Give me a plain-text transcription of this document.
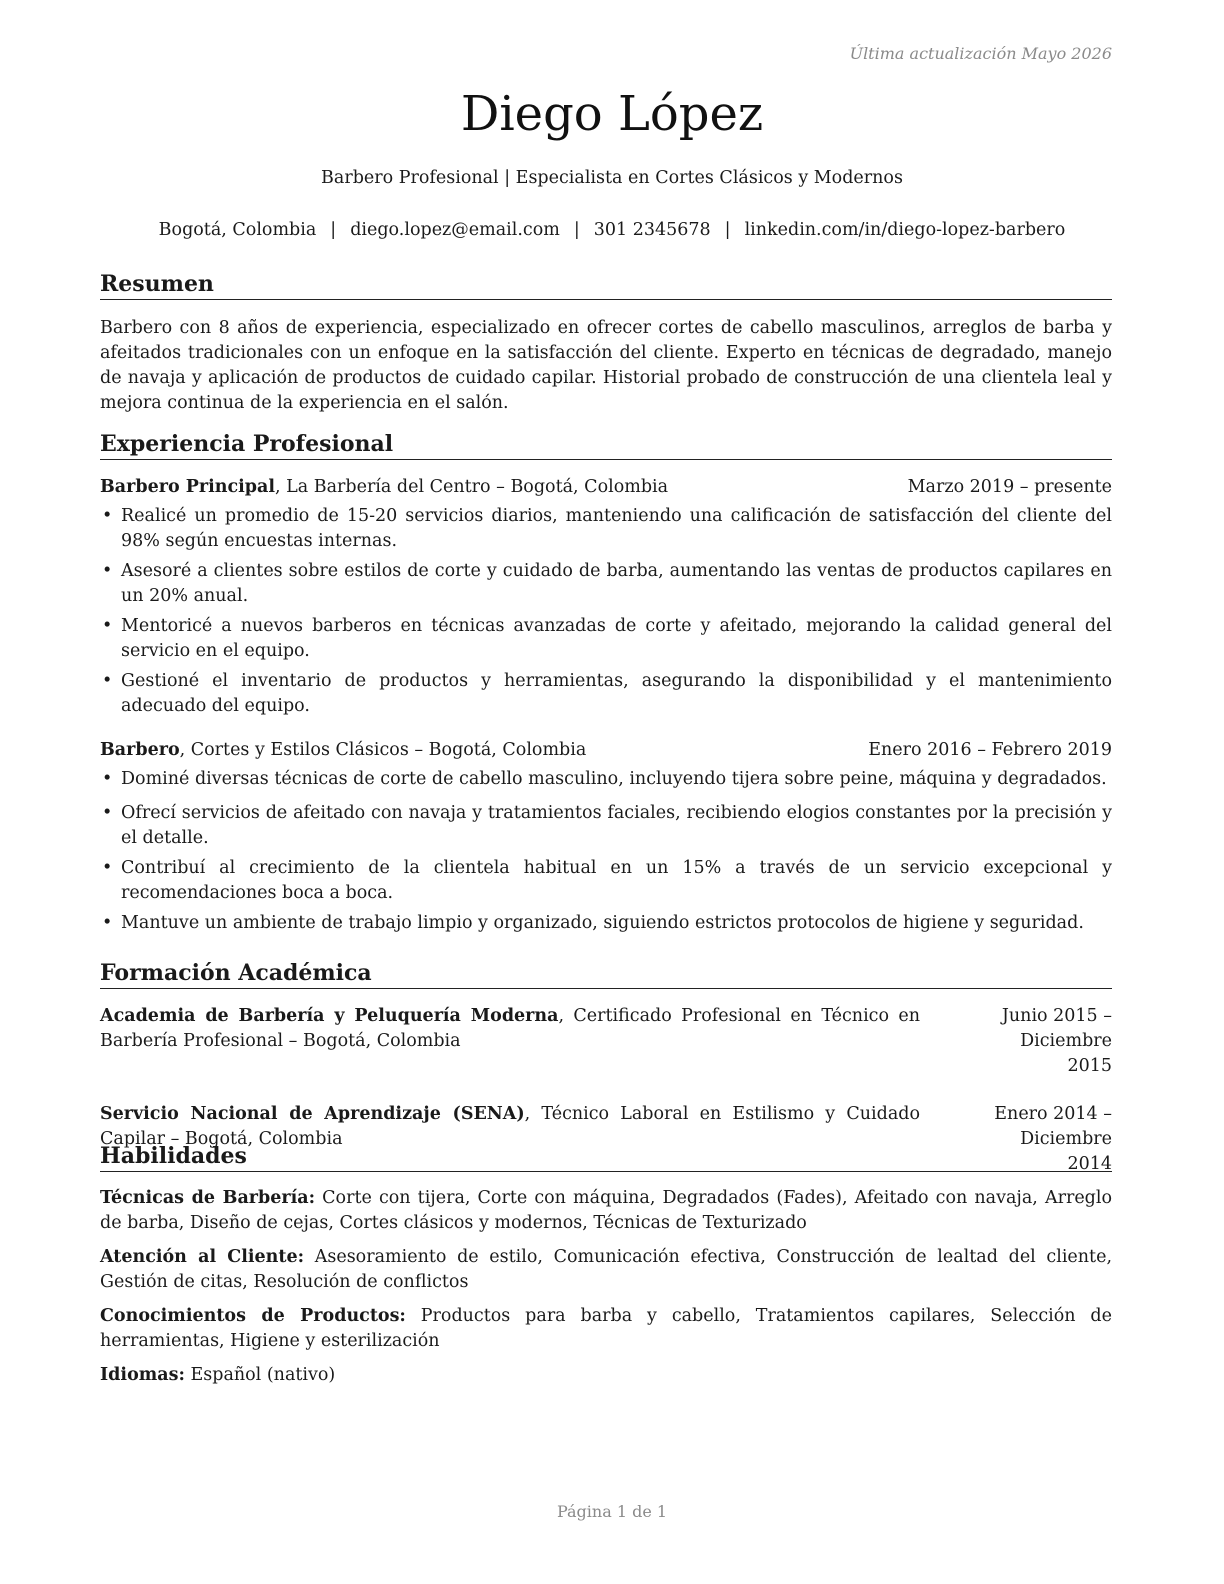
Última actualización Mayo 2026
Diego López
Barbero Profesional | Especialista en Cortes Clásicos y Modernos
Bogotá, Colombia | diego.lopez@email.com | 301 2345678 | linkedin.com/in/diego-lopez-barbero
Resumen
Barbero con 8 años de experiencia, especializado en ofrecer cortes de cabello masculinos, arreglos de barba y afeitados tradicionales con un enfoque en la satisfacción del cliente. Experto en técnicas de degradado, manejo de navaja y aplicación de productos de cuidado capilar. Historial probado de construcción de una clientela leal y mejora continua de la experiencia en el salón.
Experiencia Profesional
Barbero Principal, La Barbería del Centro – Bogotá, Colombia	Marzo 2019 – presente
• Realicé un promedio de 15-20 servicios diarios, manteniendo una calificación de satisfacción del cliente del 98% según encuestas internas.
• Asesoré a clientes sobre estilos de corte y cuidado de barba, aumentando las ventas de productos capilares en un 20% anual.
• Mentoricé a nuevos barberos en técnicas avanzadas de corte y afeitado, mejorando la calidad general del servicio en el equipo.
• Gestioné el inventario de productos y herramientas, asegurando la disponibilidad y el mantenimiento adecuado del equipo.
Barbero, Cortes y Estilos Clásicos – Bogotá, Colombia	Enero 2016 – Febrero 2019
• Dominé diversas técnicas de corte de cabello masculino, incluyendo tijera sobre peine, máquina y degradados.
• Ofrecí servicios de afeitado con navaja y tratamientos faciales, recibiendo elogios constantes por la precisión y el detalle.
• Contribuí al crecimiento de la clientela habitual en un 15% a través de un servicio excepcional y recomendaciones boca a boca.
• Mantuve un ambiente de trabajo limpio y organizado, siguiendo estrictos protocolos de higiene y seguridad.
Formación Académica
Academia de Barbería y Peluquería Moderna, Certificado Profesional en Técnico en Barbería Profesional – Bogotá, Colombia
Junio 2015 – Diciembre
2015
Servicio Nacional de Aprendizaje (SENA), Técnico Laboral en Estilismo y Cuidado Capilar – Bogotá, Colombia
Enero 2014 – Diciembre
2014
Habilidades
Técnicas de Barbería: Corte con tijera, Corte con máquina, Degradados (Fades), Afeitado con navaja, Arreglo de barba, Diseño de cejas, Cortes clásicos y modernos, Técnicas de Texturizado
Atención al Cliente: Asesoramiento de estilo, Comunicación efectiva, Construcción de lealtad del cliente, Gestión de citas, Resolución de conflictos
Conocimientos de Productos: Productos para barba y cabello, Tratamientos capilares, Selección de herramientas, Higiene y esterilización
Idiomas: Español (nativo)
Página 1 de 1
